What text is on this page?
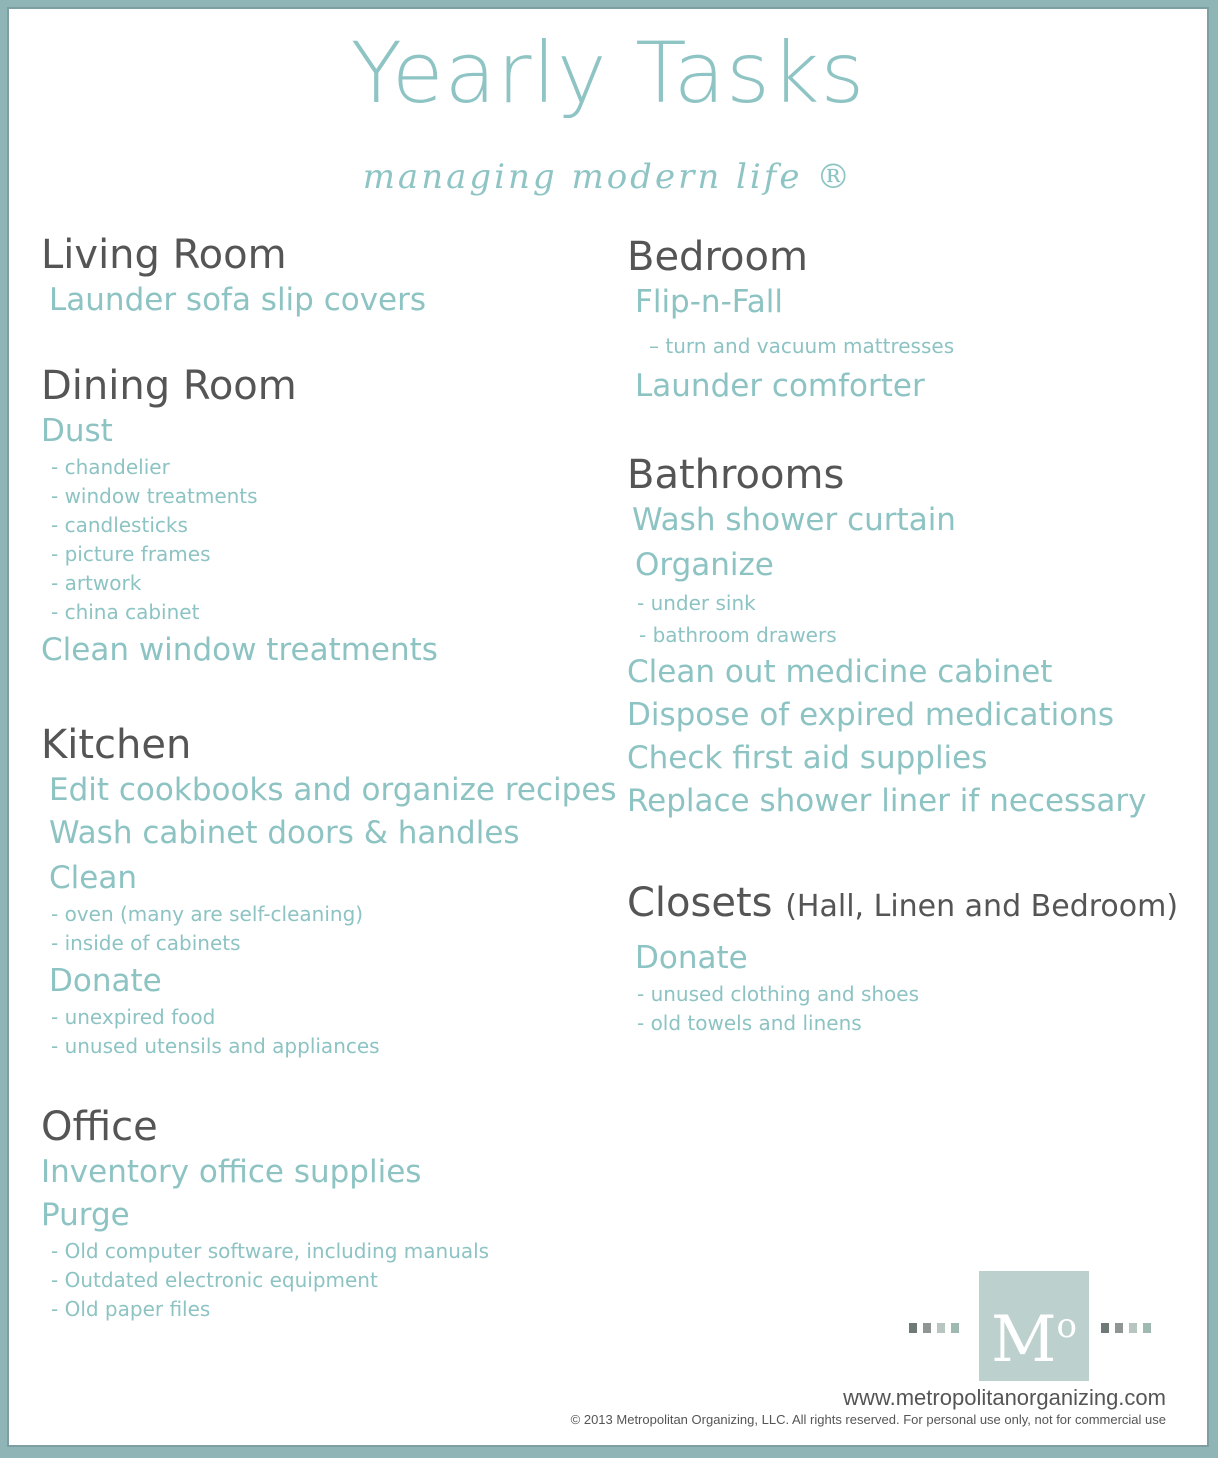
Yearly Tasks
managing modern life ®
Living Room
Launder sofa slip covers
Dining Room
Dust
- chandelier
- window treatments
- candlesticks
- picture frames
- artwork
- china cabinet
Clean window treatments
Kitchen
Edit cookbooks and organize recipes
Wash cabinet doors & handles
Clean
- oven (many are self-cleaning)
- inside of cabinets
Donate
- unexpired food
- unused utensils and appliances
Office
Inventory office supplies
Purge
- Old computer software, including manuals
- Outdated electronic equipment
- Old paper files
Bedroom
Flip-n-Fall
– turn and vacuum mattresses
Launder comforter
Bathrooms
Wash shower curtain
Organize
- under sink
- bathroom drawers
Clean out medicine cabinet
Dispose of expired medications
Check first aid supplies
Replace shower liner if necessary
Closets (Hall, Linen and Bedroom)
Donate
- unused clothing and shoes
- old towels and linens
$M^o$
www.metropolitanorganizing.com
© 2013 Metropolitan Organizing, LLC. All rights reserved. For personal use only, not for commercial use
